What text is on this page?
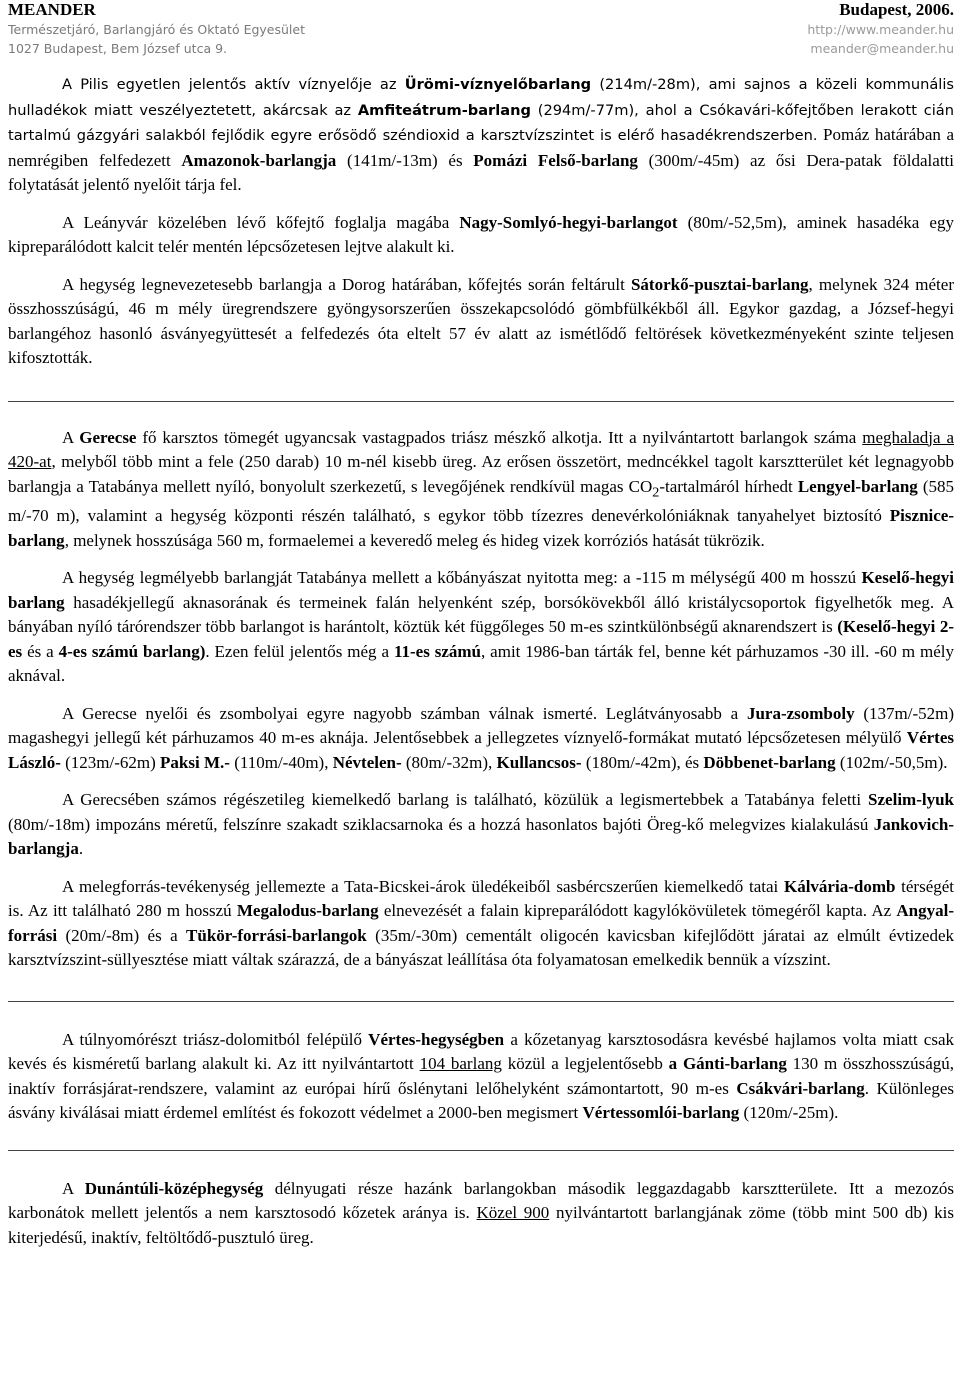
MEANDER
Természetjáró, Barlangjáró és Oktató Egyesület
1027 Budapest, Bem József utca 9.
Budapest, 2006.
http://www.meander.hu
meander@meander.hu

A Pilis egyetlen jelentős aktív víznyelője az Ürömi-víznyelőbarlang (214m/-28m), ami sajnos a közeli kommunális hulladékok miatt veszélyeztetett, akárcsak az Amfiteátrum-barlang (294m/-77m), ahol a Csókavári-kőfejtőben lerakott cián tartalmú gázgyári salakból fejlődik egyre erősödő széndioxid a karsztvízszintet is elérő hasadékrendszerben. Pomáz határában a nemrégiben felfedezett Amazonok-barlangja (141m/-13m) és Pomázi Felső-barlang (300m/-45m) az ősi Dera-patak földalatti folytatását jelentő nyelőit tárja fel.

A Leányvár közelében lévő kőfejtő foglalja magába Nagy-Somlyó-hegyi-barlangot (80m/-52,5m), aminek hasadéka egy kipreparálódott kalcit telér mentén lépcsőzetesen lejtve alakult ki.

A hegység legnevezetesebb barlangja a Dorog határában, kőfejtés során feltárult Sátorkő-pusztai-barlang, melynek 324 méter összhosszúságú, 46 m mély üregrendszere gyöngysorszerűen összekapcsolódó gömbfülkékből áll. Egykor gazdag, a József-hegyi barlangéhoz hasonló ásványegyüttesét a felfedezés óta eltelt 57 év alatt az ismétlődő feltörések következményeként szinte teljesen kifosztották.

A Gerecse fő karsztos tömegét ugyancsak vastagpados triász mészkő alkotja. Itt a nyilvántartott barlangok száma meghaladja a 420-at, melyből több mint a fele (250 darab) 10 m-nél kisebb üreg. Az erősen összetört, medncékkel tagolt karsztterület két legnagyobb barlangja a Tatabánya mellett nyíló, bonyolult szerkezetű, s levegőjének rendkívül magas $CO_2$-tartalmáról hírhedt Lengyel-barlang (585 m/-70 m), valamint a hegység központi részén található, s egykor több tízezres denevérkolóniáknak tanyahelyet biztosító Pisznice-barlang, melynek hosszúsága 560 m, formaelemei a keveredő meleg és hideg vizek korróziós hatását tükrözik.

A hegység legmélyebb barlangját Tatabánya mellett a kőbányászat nyitotta meg: a -115 m mélységű 400 m hosszú Keselő-hegyi barlang hasadékjellegű aknasorának és termeinek falán helyenként szép, borsókövekből álló kristálycsoportok figyelhetők meg. A bányában nyíló tárórendszer több barlangot is harántolt, köztük két függőleges 50 m-es szintkülönbségű aknarendszert is (Keselő-hegyi 2-es és a 4-es számú barlang). Ezen felül jelentős még a 11-es számú, amit 1986-ban tárták fel, benne két párhuzamos -30 ill. -60 m mély aknával.

A Gerecse nyelői és zsombolyai egyre nagyobb számban válnak ismerté. Leglátványosabb a Jura-zsomboly (137m/-52m) magashegyi jellegű két párhuzamos 40 m-es aknája. Jelentősebbek a jellegzetes víznyelő-formákat mutató lépcsőzetesen mélyülő Vértes László- (123m/-62m) Paksi M.- (110m/-40m), Névtelen- (80m/-32m), Kullancsos- (180m/-42m), és Döbbenet-barlang (102m/-50,5m).

A Gerecsében számos régészetileg kiemelkedő barlang is található, közülük a legismertebbek a Tatabánya feletti Szelim-lyuk (80m/-18m) impozáns méretű, felszínre szakadt sziklacsarnoka és a hozzá hasonlatos bajóti Öreg-kő melegvizes kialakulású Jankovich-barlangja.

A melegforrás-tevékenység jellemezte a Tata-Bicskei-árok üledékeiből sasbércszerűen kiemelkedő tatai Kálvária-domb térségét is. Az itt található 280 m hosszú Megalodus-barlang elnevezését a falain kipreparálódott kagylókövületek tömegéről kapta. Az Angyal-forrási (20m/-8m) és a Tükör-forrási-barlangok (35m/-30m) cementált oligocén kavicsban kifejlődött járatai az elmúlt évtizedek karsztvízszint-süllyesztése miatt váltak szárazzá, de a bányászat leállítása óta folyamatosan emelkedik bennük a vízszint.

A túlnyomórészt triász-dolomitból felépülő Vértes-hegységben a kőzetanyag karsztosodásra kevésbé hajlamos volta miatt csak kevés és kisméretű barlang alakult ki. Az itt nyilvántartott 104 barlang közül a legjelentősebb a Gánti-barlang 130 m összhosszúságú, inaktív forrásjárat-rendszere, valamint az európai hírű őslénytani lelőhelyként számontartott, 90 m-es Csákvári-barlang. Különleges ásvány kiválásai miatt érdemel említést és fokozott védelmet a 2000-ben megismert Vértessomlói-barlang (120m/-25m).

A Dunántúli-középhegység délnyugati része hazánk barlangokban második leggazdagabb karsztterülete. Itt a mezozós karbonátok mellett jelentős a nem karsztosodó kőzetek aránya is. Közel 900 nyilvántartott barlangjának zöme (több mint 500 db) kis kiterjedésű, inaktív, feltöltődő-pusztuló üreg.
